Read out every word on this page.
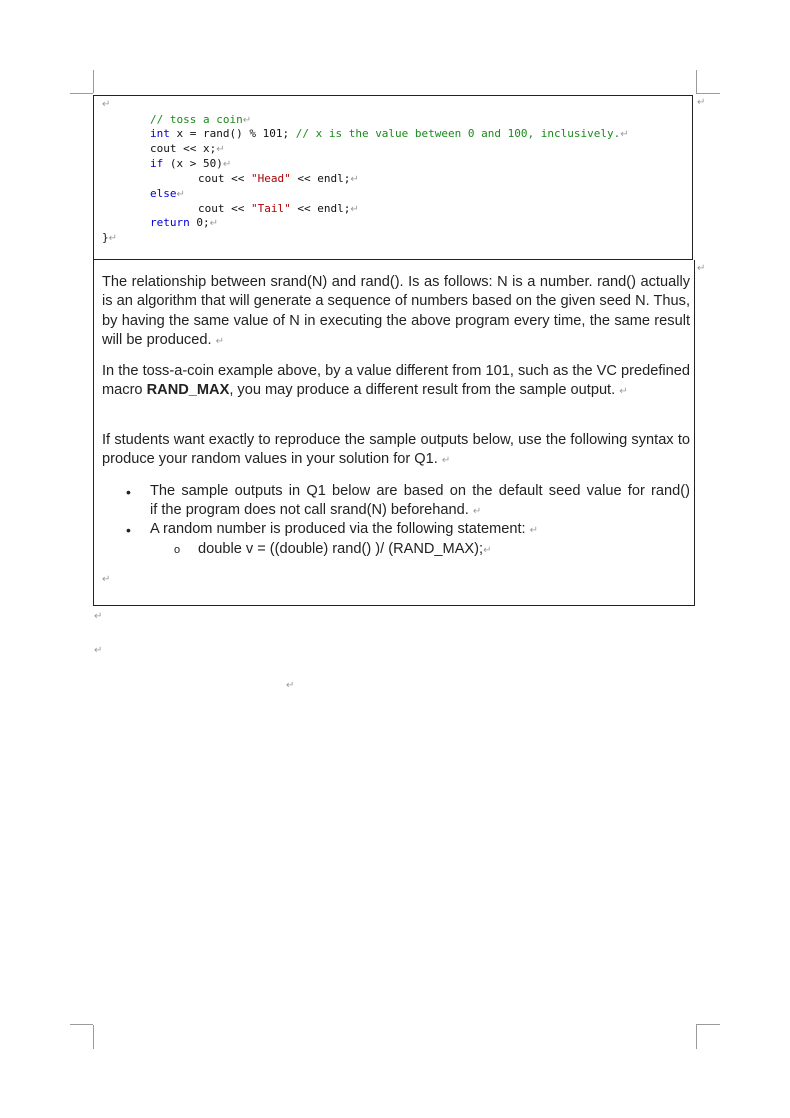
↵
// toss a coin↵
int x = rand() % 101; // x is the value between 0 and 100, inclusively.↵
cout << x;↵
if (x > 50)↵
cout << "Head" << endl;↵
else↵
cout << "Tail" << endl;↵
return 0;↵
}↵
↵
↵
The relationship between srand(N) and rand(). Is as follows: N is a number. rand() actually is an algorithm that will generate a sequence of numbers based on the given seed N. Thus, by having the same value of N in executing the above program every time, the same result will be produced. ↵
In the toss-a-coin example above, by a value different from 101, such as the VC predefined macro RAND_MAX, you may produce a different result from the sample output. ↵
If students want exactly to reproduce the sample outputs below, use the following syntax to produce your random values in your solution for Q1. ↵
• The sample outputs in Q1 below are based on the default seed value for rand()
if the program does not call srand(N) beforehand. ↵
• A random number is produced via the following statement: ↵
o double v = ((double) rand() )/ (RAND_MAX);↵
↵
↵
↵
↵
